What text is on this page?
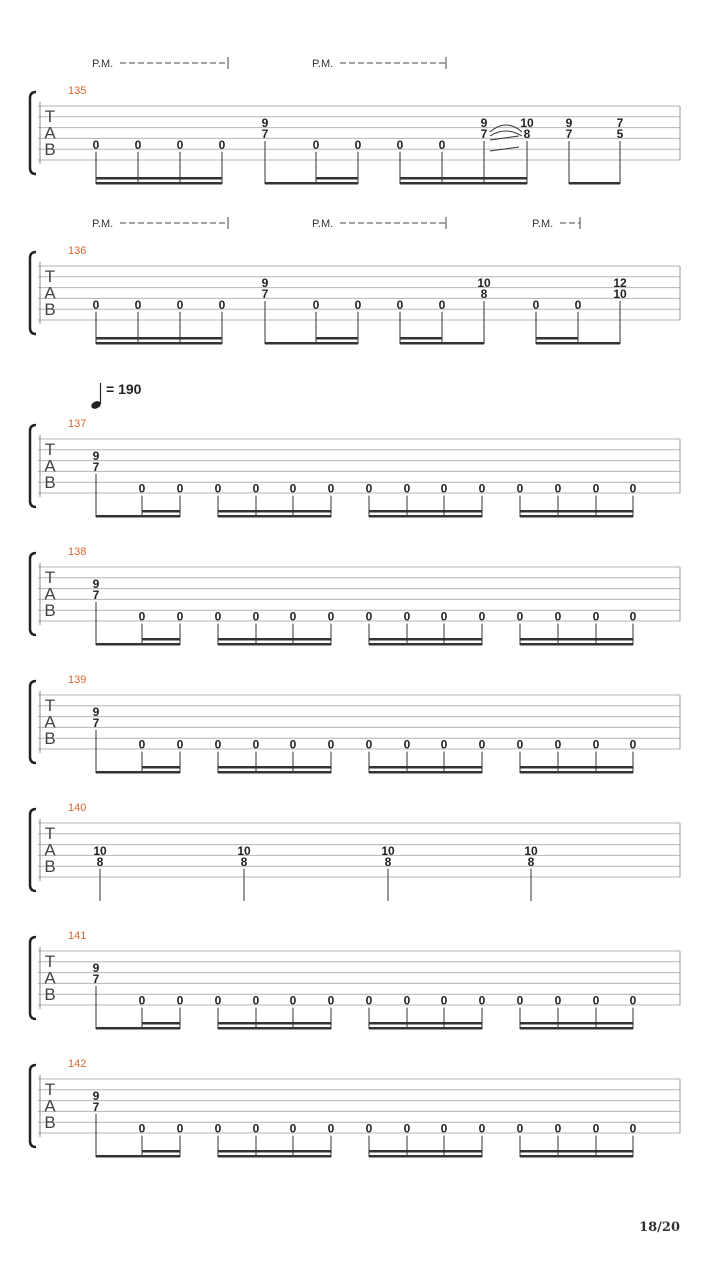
T
A
B
135
P.M.	P.M.
0	0	0	0
9
7
0	0	0	0
9
7
10
8
9
7
7
5
T
A
B
136
P.M.	P.M.	P.M.
0	0	0	0
9
7
0	0	0	0
10
8
0	0
12
10
= 190
T
A
B
137
9
7
0	0	0	0	0	0	0	0	0	0	0	0	0	0
T
A
B
138
9
7
0	0	0	0	0	0	0	0	0	0	0	0	0	0
T
A
B
139
9
7
0	0	0	0	0	0	0	0	0	0	0	0	0	0
T
A
B
140
10
8
10
8
10
8
10
8
T
A
B
141
9
7
0	0	0	0	0	0	0	0	0	0	0	0	0	0
T
A
B
142
9
7
0	0	0	0	0	0	0	0	0	0	0	0	0	0
18/20
